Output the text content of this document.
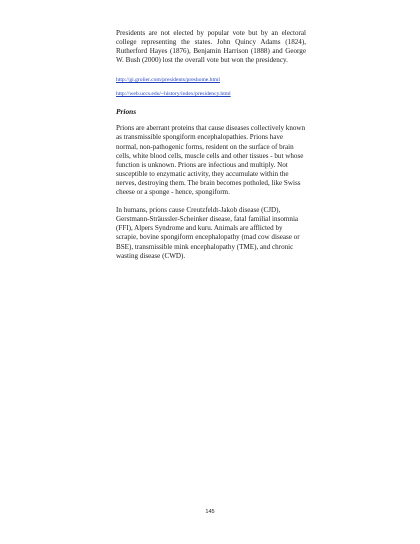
Presidents are not elected by popular vote but by an electoral college representing the states. John Quincy Adams (1824), Rutherford Hayes (1876), Benjamin Harrison (1888) and George W. Bush (2000) lost the overall vote but won the presidency.

http://gi.grolier.com/presidents/preshome.html
http://web.uccs.edu/~history/index/presidency.html

Prions

Prions are aberrant proteins that cause diseases collectively known as transmissible spongiform encephalopathies. Prions have normal, non-pathogenic forms, resident on the surface of brain cells, white blood cells, muscle cells and other tissues - but whose function is unknown. Prions are infectious and multiply. Not susceptible to enzymatic activity, they accumulate within the nerves, destroying them. The brain becomes potholed, like Swiss cheese or a sponge - hence, spongiform.

In humans, prions cause Creutzfeldt-Jakob disease (CJD), Gerstmann-Sträussler-Scheinker disease, fatal familial insomnia (FFI), Alpers Syndrome and kuru. Animals are afflicted by scrapie, bovine spongiform encephalopathy (mad cow disease or BSE), transmissible mink encephalopathy (TME), and chronic wasting disease (CWD).

145
